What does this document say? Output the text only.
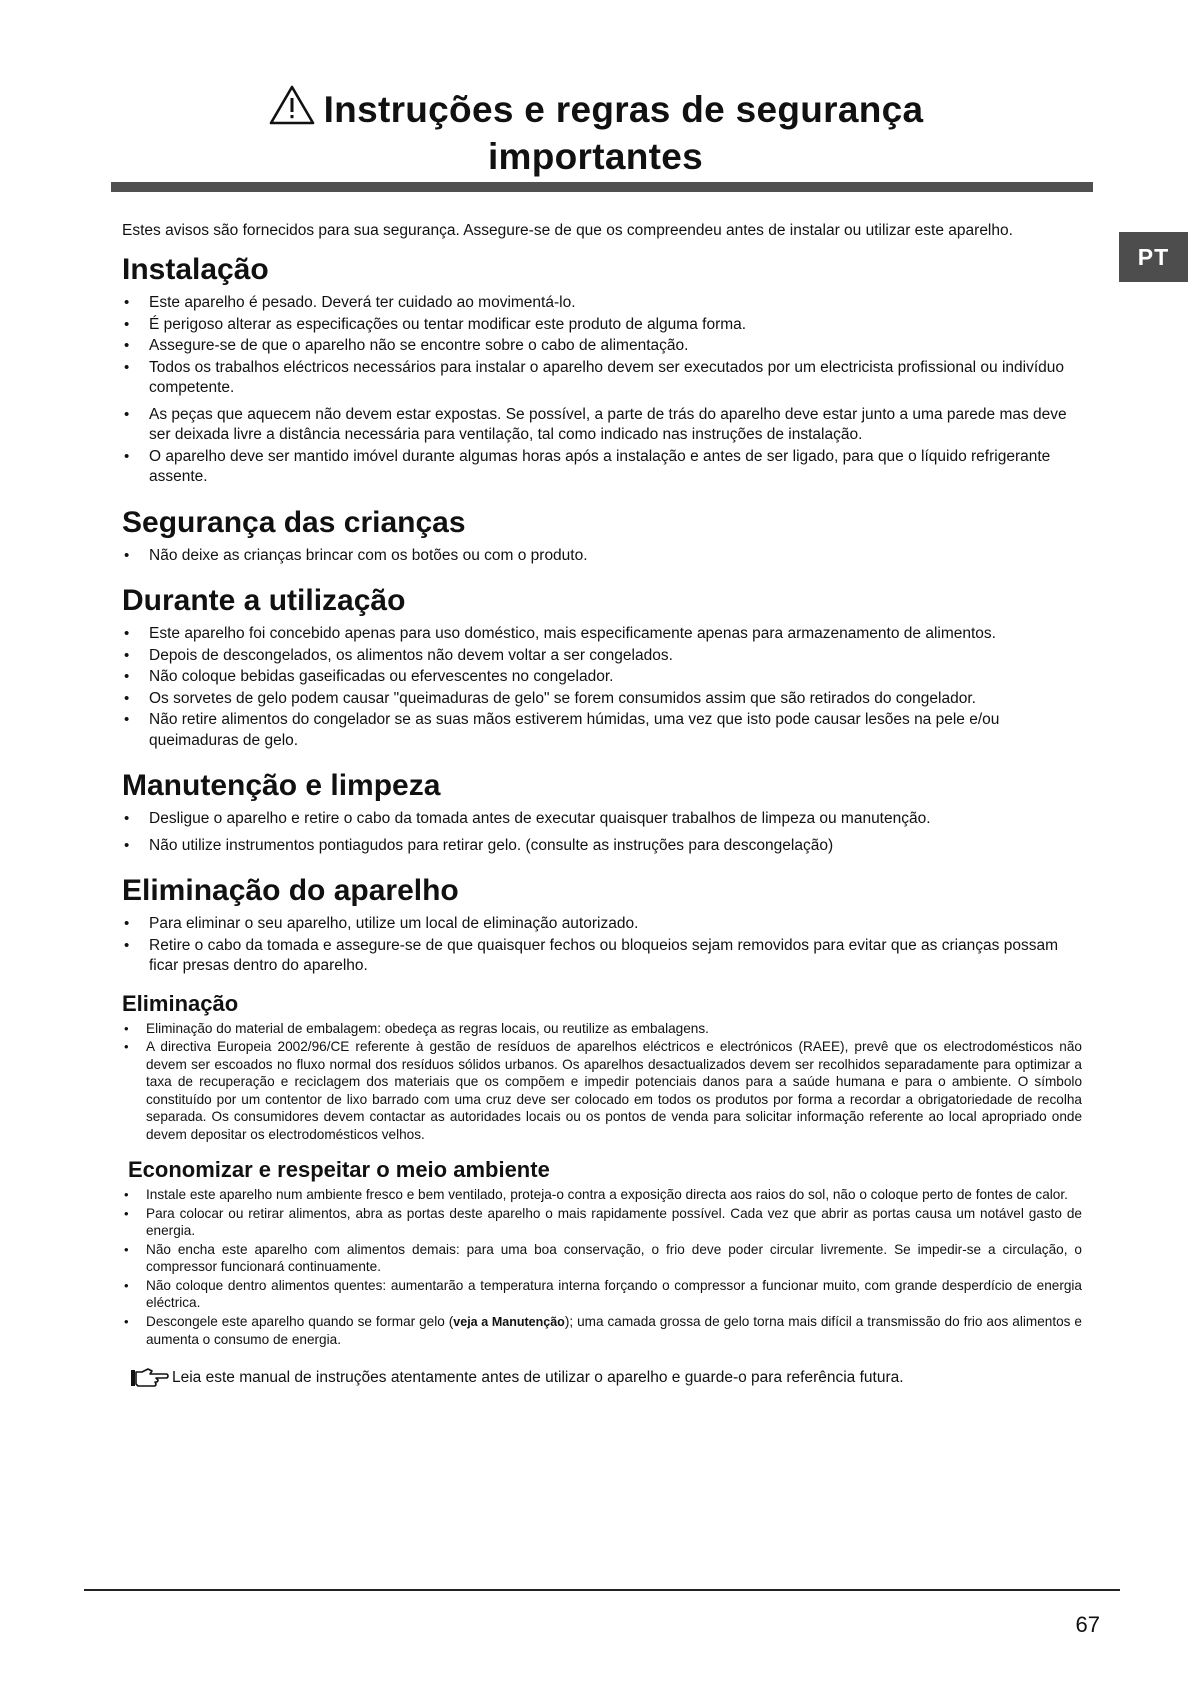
Instruções e regras de segurança
importantes
PT

Estes avisos são fornecidos para sua segurança. Assegure-se de que os compreendeu antes de instalar ou utilizar este aparelho.

Instalação
• Este aparelho é pesado. Deverá ter cuidado ao movimentá-lo.
• É perigoso alterar as especificações ou tentar modificar este produto de alguma forma.
• Assegure-se de que o aparelho não se encontre sobre o cabo de alimentação.
• Todos os trabalhos eléctricos necessários para instalar o aparelho devem ser executados por um electricista profissional ou indivíduo competente.
• As peças que aquecem não devem estar expostas. Se possível, a parte de trás do aparelho deve estar junto a uma parede mas deve ser deixada livre a distância necessária para ventilação, tal como indicado nas instruções de instalação.
• O aparelho deve ser mantido imóvel durante algumas horas após a instalação e antes de ser ligado, para que o líquido refrigerante assente.
Segurança das crianças
• Não deixe as crianças brincar com os botões ou com o produto.
Durante a utilização
• Este aparelho foi concebido apenas para uso doméstico, mais especificamente apenas para armazenamento de alimentos.
• Depois de descongelados, os alimentos não devem voltar a ser congelados.
• Não coloque bebidas gaseificadas ou efervescentes no congelador.
• Os sorvetes de gelo podem causar "queimaduras de gelo" se forem consumidos assim que são retirados do congelador.
• Não retire alimentos do congelador se as suas mãos estiverem húmidas, uma vez que isto pode causar lesões na pele e/ou queimaduras de gelo.
Manutenção e limpeza
• Desligue o aparelho e retire o cabo da tomada antes de executar quaisquer trabalhos de limpeza ou manutenção.
• Não utilize instrumentos pontiagudos para retirar gelo. (consulte as instruções para descongelação)
Eliminação do aparelho
• Para eliminar o seu aparelho, utilize um local de eliminação autorizado.
• Retire o cabo da tomada e assegure-se de que quaisquer fechos ou bloqueios sejam removidos para evitar que as crianças possam ficar presas dentro do aparelho.
Eliminação
• Eliminação do material de embalagem: obedeça as regras locais, ou reutilize as embalagens.
• A directiva Europeia 2002/96/CE referente à gestão de resíduos de aparelhos eléctricos e electrónicos (RAEE), prevê que os electrodomésticos não devem ser escoados no fluxo normal dos resíduos sólidos urbanos. Os aparelhos desactualizados devem ser recolhidos separadamente para optimizar a taxa de recuperação e reciclagem dos materiais que os compõem e impedir potenciais danos para a saúde humana e para o ambiente. O símbolo constituído por um contentor de lixo barrado com uma cruz deve ser colocado em todos os produtos por forma a recordar a obrigatoriedade de recolha separada. Os consumidores devem contactar as autoridades locais ou os pontos de venda para solicitar informação referente ao local apropriado onde devem depositar os electrodomésticos velhos.
Economizar e respeitar o meio ambiente
• Instale este aparelho num ambiente fresco e bem ventilado, proteja-o contra a exposição directa aos raios do sol, não o coloque perto de fontes de calor.
• Para colocar ou retirar alimentos, abra as portas deste aparelho o mais rapidamente possível. Cada vez que abrir as portas causa um notável gasto de energia.
• Não encha este aparelho com alimentos demais: para uma boa conservação, o frio deve poder circular livremente. Se impedir-se a circulação, o compressor funcionará continuamente.
• Não coloque dentro alimentos quentes: aumentarão a temperatura interna forçando o compressor a funcionar muito, com grande desperdício de energia eléctrica.
• Descongele este aparelho quando se formar gelo (veja a Manutenção); uma camada grossa de gelo torna mais difícil a transmissão do frio aos alimentos e aumenta o consumo de energia.
Leia este manual de instruções atentamente antes de utilizar o aparelho e guarde-o para referência futura.
67
